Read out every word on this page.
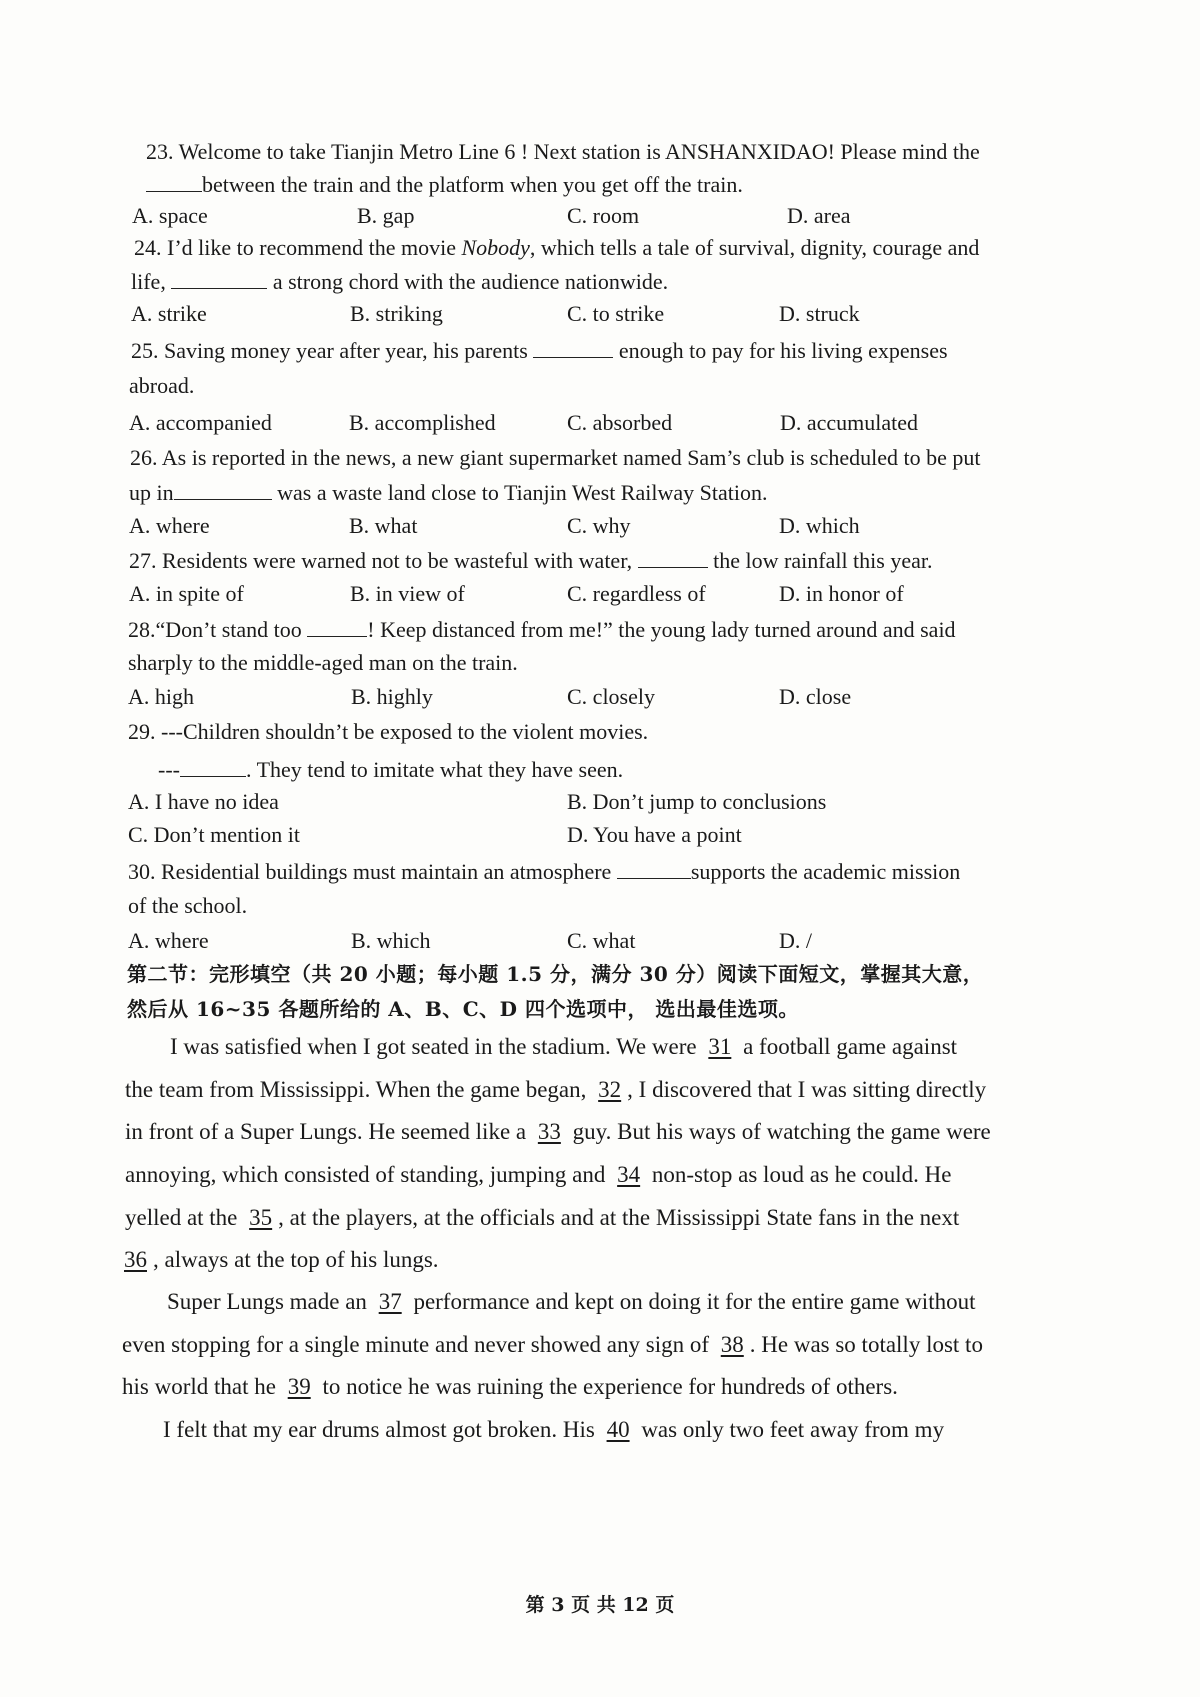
23. Welcome to take Tianjin Metro Line 6 ! Next station is ANSHANXIDAO! Please mind the
between the train and the platform when you get off the train.
A. space	B. gap	C. room	D. area
24. I’d like to recommend the movie Nobody, which tells a tale of survival, dignity, courage and
life,	a strong chord with the audience nationwide.
A. strike	B. striking	C. to strike	D. struck
25. Saving money year after year, his parents	enough to pay for his living expenses
abroad.
A. accompanied	B. accomplished	C. absorbed	D. accumulated
26. As is reported in the news, a new giant supermarket named Sam’s club is scheduled to be put
up in	was a waste land close to Tianjin West Railway Station.
A. where	B. what	C. why	D. which
27. Residents were warned not to be wasteful with water,	the low rainfall this year.
A. in spite of	B. in view of	C. regardless of	D. in honor of
28.“Don’t stand too	! Keep distanced from me!” the young lady turned around and said
sharply to the middle-aged man on the train.
A. high	B. highly	C. closely	D. close
29. ---Children shouldn’t be exposed to the violent movies.
---	. They tend to imitate what they have seen.
A. I have no idea	B. Don’t jump to conclusions
C. Don’t mention it	D. You have a point
30. Residential buildings must maintain an atmosphere	supports the academic mission
of the school.
A. where	B. which	C. what	D. /
第二节：完形填空（共 20 小题；每小题 1.5 分，满分 30 分）阅读下面短文，掌握其大意，
然后从 16~35 各题所给的 A、B、C、D 四个选项中， 选出最佳选项。
I was satisfied when I got seated in the stadium. We were 31 a football game against
the team from Mississippi. When the game began, 32 , I discovered that I was sitting directly
in front of a Super Lungs. He seemed like a 33 guy. But his ways of watching the game were
annoying, which consisted of standing, jumping and 34 non-stop as loud as he could. He
yelled at the 35 , at the players, at the officials and at the Mississippi State fans in the next
36 , always at the top of his lungs.
Super Lungs made an 37 performance and kept on doing it for the entire game without
even stopping for a single minute and never showed any sign of 38 . He was so totally lost to
his world that he 39 to notice he was ruining the experience for hundreds of others.
I felt that my ear drums almost got broken. His 40 was only two feet away from my
第 3 页 共 12 页
